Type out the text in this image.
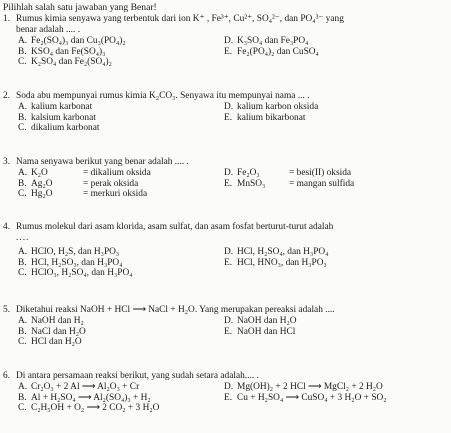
Pilihlah salah satu jawaban yang Benar!
1. Rumus kimia senyawa yang terbentuk dari ion K⁺ , Fe³⁺, Cu²⁺, SO₄²⁻, dan PO₄³⁻ yang
benar adalah .... .
A. Fe₂(SO₄)₃ dan Cu₃(PO₄)₂	D. K₃SO₄ dan Fe₃PO₄
B. KSO₄ dan Fe(SO₄)₃	E. Fe₂(PO₄)₂ dan CuSO₄
C. K₂SO₄ dan Fe₂(SO₄)₂
2. Soda abu mempunyai rumus kimia K₂CO₃. Senyawa itu mempunyai nama ... .
A. kalium karbonat	D. kalium karbon oksida
B. kalsium karbonat	E. kalium bikarbonat
C. dikalium karbonat
3. Nama senyawa berikut yang benar adalah .... .
A. K₂O	= dikalium oksida	D. Fe₂O₃	= besi(II) oksida
B. Ag₂O	= perak oksida	E. MnSO₃	= mangan sulfida
C. Hg₂O	= merkuri oksida
4. Rumus molekul dari asam klorida, asam sulfat, dan asam fosfat berturut-turut adalah
....
A. HClO, H₂S, dan H₃PO₃	D. HCl, H₂SO₄, dan H₃PO₄
B. HCl, H₂SO₃, dan H₃PO₄	E. HCl, HNO₃, dan H₃PO₃
C. HClO₃, H₂SO₄, dan H₃PO₄
5. Diketahui reaksi NaOH + HCl ⟶ NaCl + H₂O. Yang merupakan pereaksi adalah ....
A. NaOH dan H₂	D. NaOH dan H₂O
B. NaCl dan H₂O	E. NaOH dan HCl
C. HCl dan H₂O
6. Di antara persamaan reaksi berikut, yang sudah setara adalah.... .
A. Cr₂O₃ + 2 Al ⟶ Al₂O₃ + Cr	D. Mg(OH)₂ + 2 HCl ⟶ MgCl₂ + 2 H₂O
B. Al + H₂SO₄ ⟶ Al₂(SO₄)₃ + H₂	E. Cu + H₂SO₄ ⟶ CuSO₄ + 3 H₂O + SO₂
C. C₂H₅OH + O₂ ⟶ 2 CO₂ + 3 H₂O
